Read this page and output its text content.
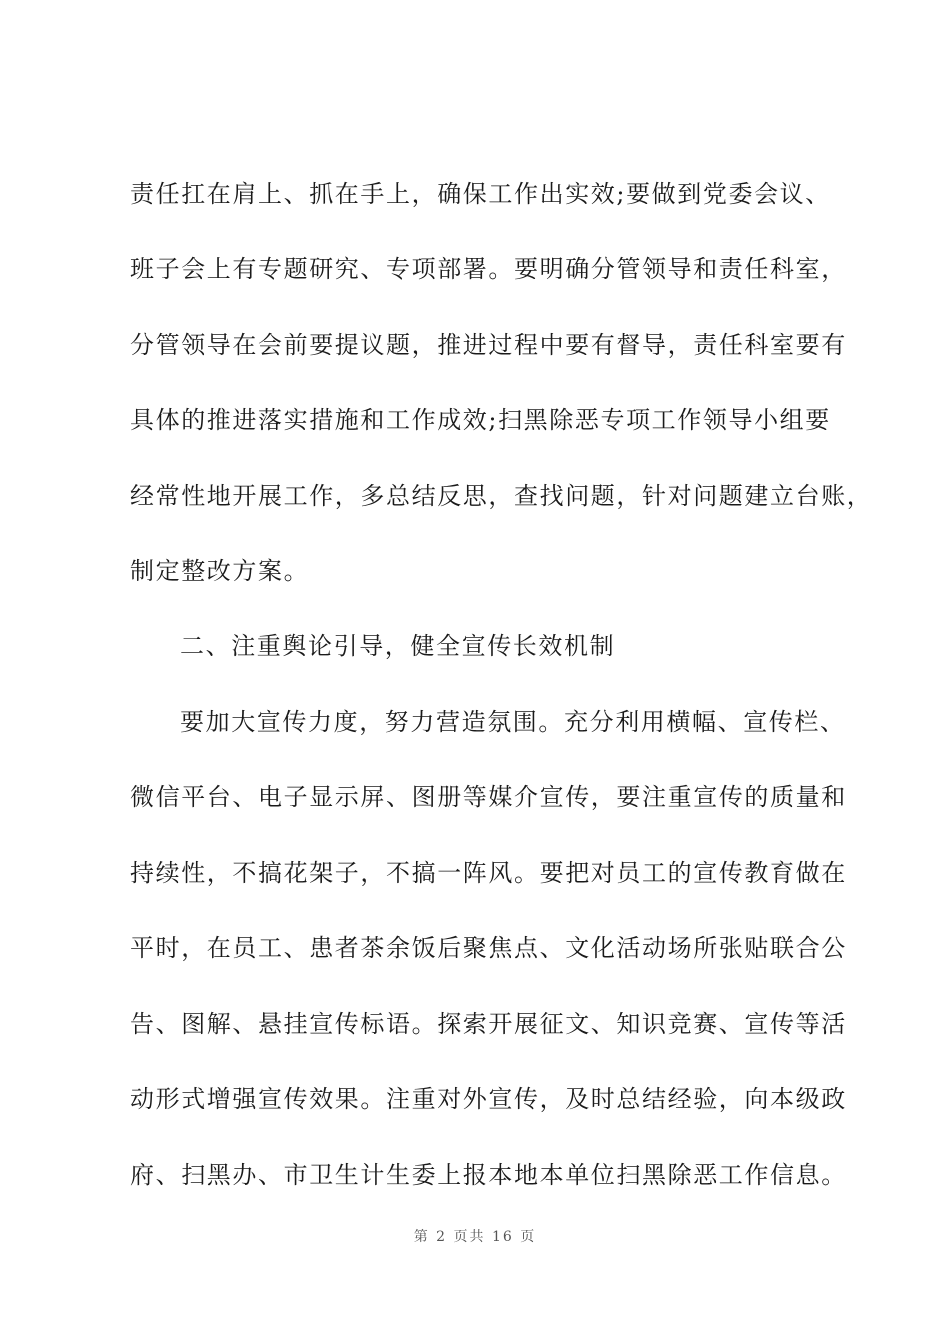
责任扛在肩上、抓在手上，确保工作出实效;要做到党委会议、
班子会上有专题研究、专项部署。要明确分管领导和责任科室，
分管领导在会前要提议题，推进过程中要有督导，责任科室要有
具体的推进落实措施和工作成效;扫黑除恶专项工作领导小组要
经常性地开展工作，多总结反思，查找问题，针对问题建立台账，
制定整改方案。
二、注重舆论引导，健全宣传长效机制
要加大宣传力度，努力营造氛围。充分利用横幅、宣传栏、
微信平台、电子显示屏、图册等媒介宣传，要注重宣传的质量和
持续性，不搞花架子，不搞一阵风。要把对员工的宣传教育做在
平时，在员工、患者茶余饭后聚焦点、文化活动场所张贴联合公
告、图解、悬挂宣传标语。探索开展征文、知识竞赛、宣传等活
动形式增强宣传效果。注重对外宣传，及时总结经验，向本级政
府、扫黑办、市卫生计生委上报本地本单位扫黑除恶工作信息。
第 2 页共 16 页
